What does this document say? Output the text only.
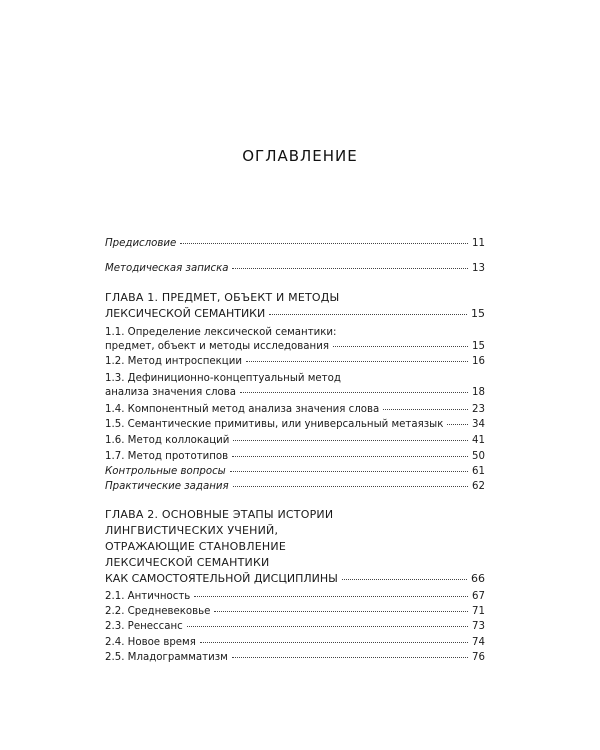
ОГЛАВЛЕНИЕ
Предисловие	11
Методическая записка	13
ГЛАВА 1. ПРЕДМЕТ, ОБЪЕКТ И МЕТОДЫ
ЛЕКСИЧЕСКОЙ СЕМАНТИКИ	15
1.1. Определение лексической семантики:
предмет, объект и методы исследования	15
1.2. Метод интроспекции	16
1.3. Дефиниционно-концептуальный метод
анализа значения слова	18
1.4. Компонентный метод анализа значения слова	23
1.5. Семантические примитивы, или универсальный метаязык	34
1.6. Метод коллокаций	41
1.7. Метод прототипов	50
Контрольные вопросы	61
Практические задания	62
ГЛАВА 2. ОСНОВНЫЕ ЭТАПЫ ИСТОРИИ
ЛИНГВИСТИЧЕСКИХ УЧЕНИЙ,
ОТРАЖАЮЩИЕ СТАНОВЛЕНИЕ
ЛЕКСИЧЕСКОЙ СЕМАНТИКИ
КАК САМОСТОЯТЕЛЬНОЙ ДИСЦИПЛИНЫ	66
2.1. Античность	67
2.2. Средневековье	71
2.3. Ренессанс	73
2.4. Новое время	74
2.5. Младограмматизм	76
